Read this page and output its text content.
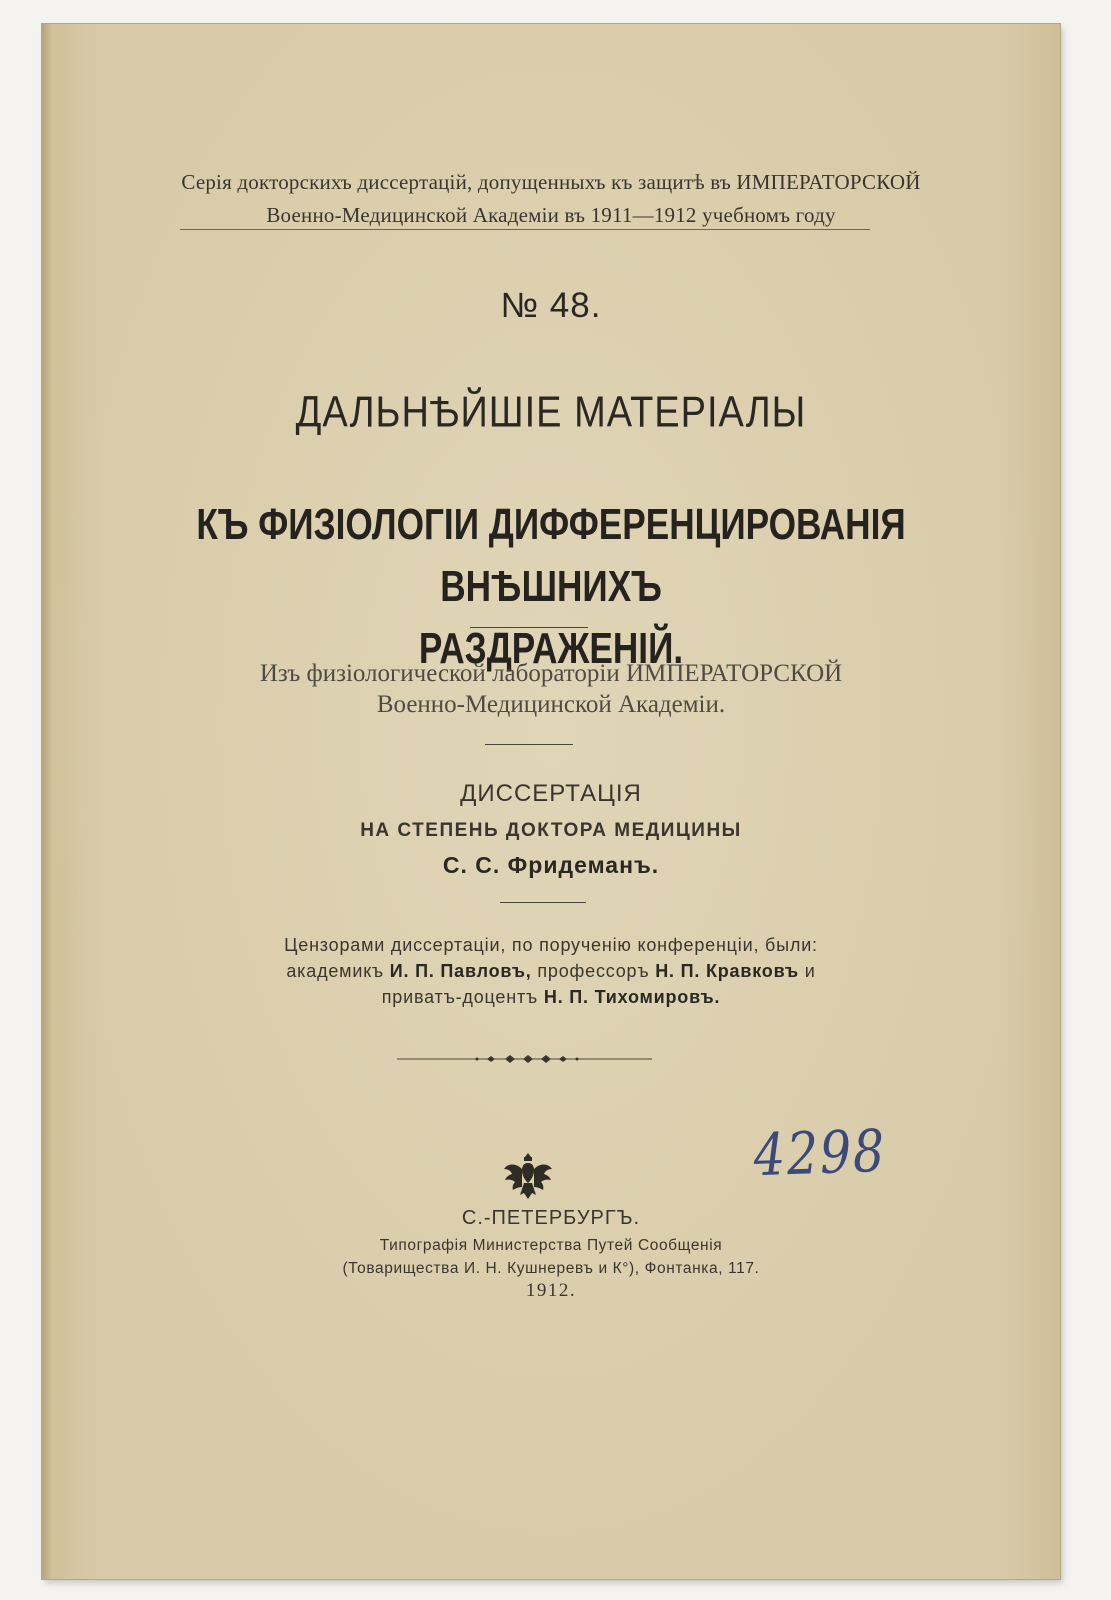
Серія докторскихъ диссертацій, допущенныхъ къ защитѣ въ ИМПЕРАТОРСКОЙ
Военно-Медицинской Академіи въ 1911—1912 учебномъ году
№ 48.
ДАЛЬНѢЙШІЕ МАТЕРІАЛЫ
КЪ ФИЗІОЛОГІИ ДИФФЕРЕНЦИРОВАНІЯ ВНѢШНИХЪ
РАЗДРАЖЕНІЙ.
Изъ физіологической лабораторіи ИМПЕРАТОРСКОЙ
Военно-Медицинской Академіи.
ДИССЕРТАЦІЯ
НА СТЕПЕНЬ ДОКТОРА МЕДИЦИНЫ
С. С. Фридеманъ.
Цензорами диссертаціи, по порученію конференціи, были:
академикъ И. П. Павловъ, профессоръ Н. П. Кравковъ и
приватъ-доцентъ Н. П. Тихомировъ.
С.-ПЕТЕРБУРГЪ.
Типографія Министерства Путей Сообщенія
(Товарищества И. Н. Кушнеревъ и К°), Фонтанка, 117.
1912.
4298
